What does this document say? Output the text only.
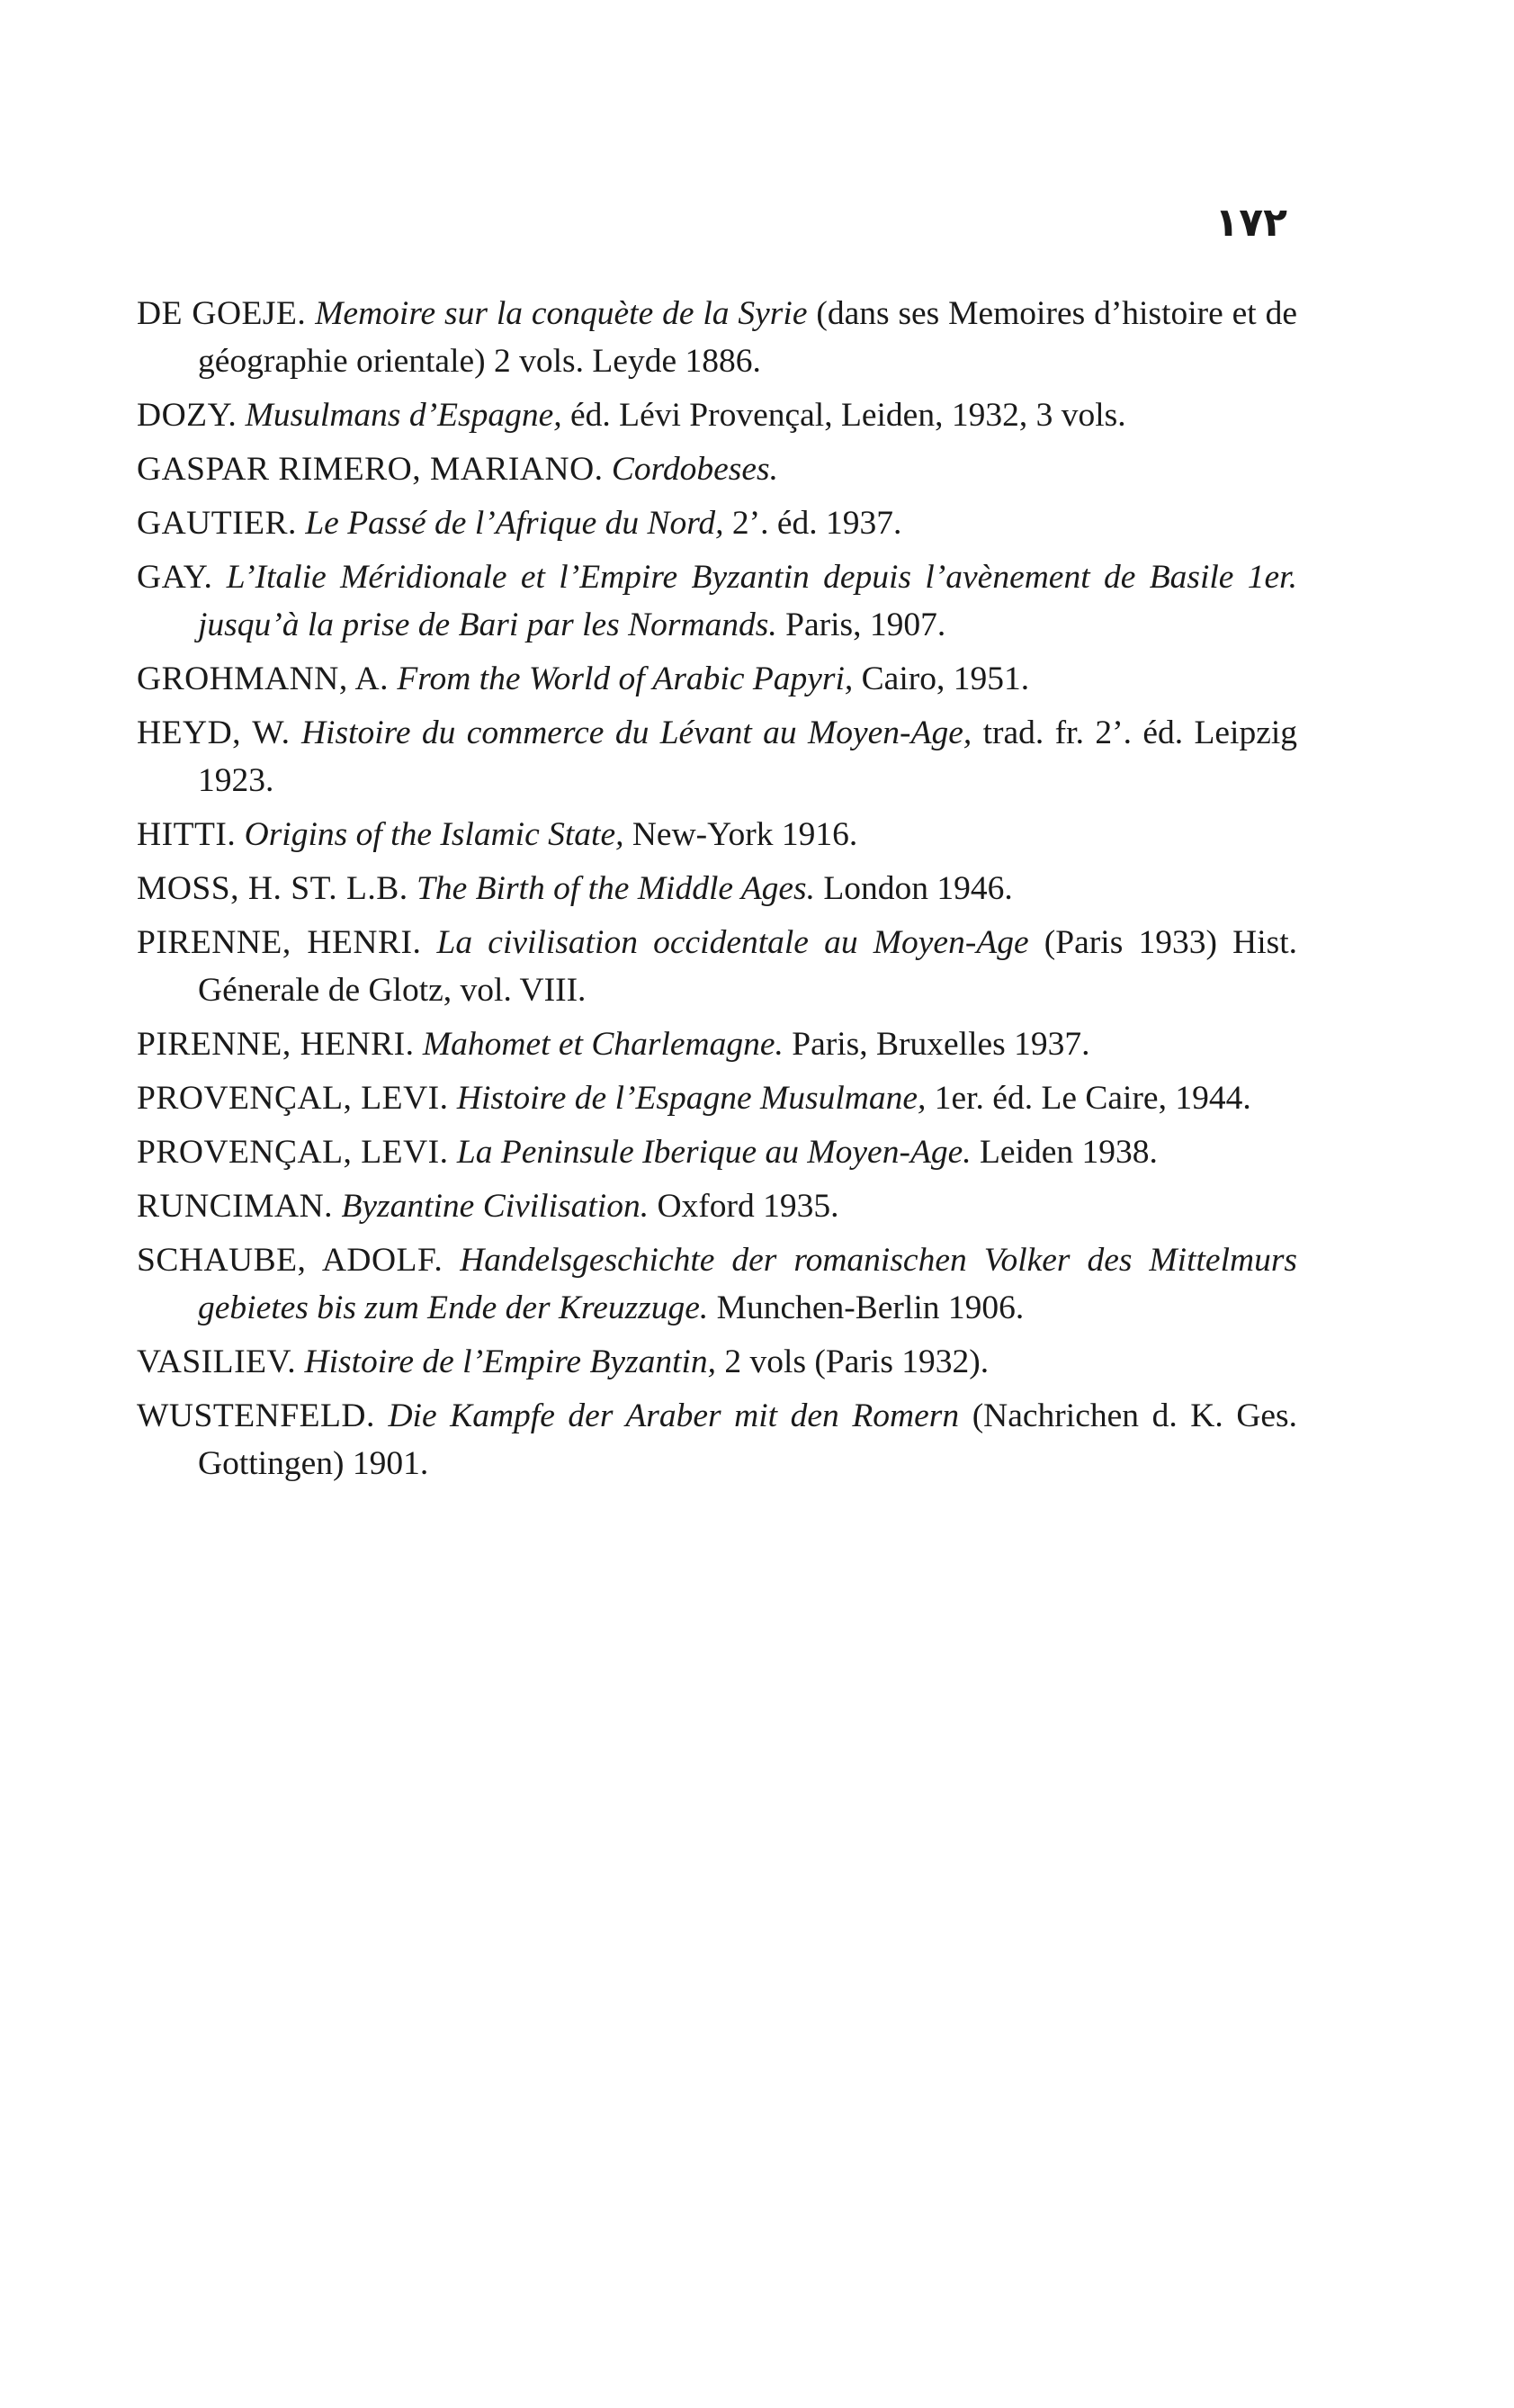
١٧٢

DE GOEJE. Memoire sur la conquète de la Syrie (dans ses Memoires d’histoire et de géographie orientale) 2 vols. Leyde 1886.

DOZY. Musulmans d’Espagne, éd. Lévi Provençal, Leiden, 1932, 3 vols.

GASPAR RIMERO, MARIANO. Cordobeses.

GAUTIER. Le Passé de l’Afrique du Nord, 2’. éd. 1937.

GAY. L’Italie Méridionale et l’Empire Byzantin depuis l’avènement de Basile 1er. jusqu’à la prise de Bari par les Normands. Paris, 1907.

GROHMANN, A. From the World of Arabic Papyri, Cairo, 1951.

HEYD, W. Histoire du commerce du Lévant au Moyen-Age, trad. fr. 2’. éd. Leipzig 1923.

HITTI. Origins of the Islamic State, New-York 1916.

MOSS, H. ST. L.B. The Birth of the Middle Ages. London 1946.

PIRENNE, HENRI. La civilisation occidentale au Moyen-Age (Paris 1933) Hist. Génerale de Glotz, vol. VIII.

PIRENNE, HENRI. Mahomet et Charlemagne. Paris, Bruxelles 1937.

PROVENÇAL, LEVI. Histoire de l’Espagne Musulmane, 1er. éd. Le Caire, 1944.

PROVENÇAL, LEVI. La Peninsule Iberique au Moyen-Age. Leiden 1938.

RUNCIMAN. Byzantine Civilisation. Oxford 1935.

SCHAUBE, ADOLF. Handelsgeschichte der romanischen Volker des Mittelmurs gebietes bis zum Ende der Kreuzzuge. Munchen-Berlin 1906.

VASILIEV. Histoire de l’Empire Byzantin, 2 vols (Paris 1932).

WUSTENFELD. Die Kampfe der Araber mit den Romern (Nachrichen d. K. Ges. Gottingen) 1901.
